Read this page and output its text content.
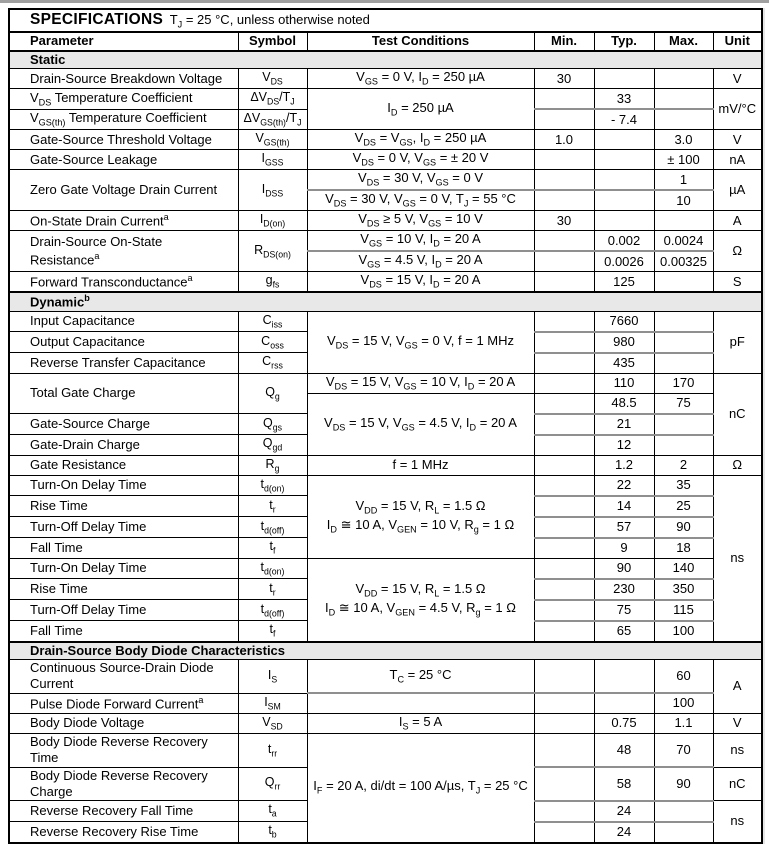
SPECIFICATIONS $T_J = 25$ °C, unless otherwise noted						
Parameter	Symbol	Test Conditions	Min.	Typ.	Max.	Unit
Static						
Drain-Source Breakdown Voltage	$V_{DS}$	$V_{GS} = 0$ V, $I_D = 250$ µA	30			V
$V_{DS}$ Temperature Coefficient	$\Delta V_{DS}/T_J$	$I_D = 250$ µA		33		mV/°C
$V_{GS(th)}$ Temperature Coefficient	$\Delta V_{GS(th)}/T_J$			- 7.4		
Gate-Source Threshold Voltage	$V_{GS(th)}$	$V_{DS} = V_{GS}$, $I_D = 250$ µA	1.0		3.0	V
Gate-Source Leakage	$I_{GSS}$	$V_{DS} = 0$ V, $V_{GS}$ = ± 20 V			± 100	nA
Zero Gate Voltage Drain Current	$I_{DSS}$	$V_{DS} = 30$ V, $V_{GS} = 0$ V			1	µA
		$V_{DS} = 30$ V, $V_{GS} = 0$ V, $T_J = 55$ °C			10	
On-State Drain Current$^a$	$I_{D(on)}$	$V_{DS} \ge 5$ V, $V_{GS} = 10$ V	30			A
Drain-Source On-State Resistance$^a$	$R_{DS(on)}$	$V_{GS} = 10$ V, $I_D = 20$ A		0.002	0.0024	Ω
		$V_{GS} = 4.5$ V, $I_D = 20$ A		0.0026	0.00325	
Forward Transconductance$^a$	$g_{fs}$	$V_{DS} = 15$ V, $I_D = 20$ A		125		S
Dynamic$^b$
Input Capacitance	$C_{iss}$	$V_{DS} = 15$ V, $V_{GS} = 0$ V, f = 1 MHz		7660		pF
Output Capacitance	$C_{oss}$			980		
Reverse Transfer Capacitance	$C_{rss}$			435		
Total Gate Charge	$Q_g$	$V_{DS} = 15$ V, $V_{GS} = 10$ V, $I_D = 20$ A		110	170	nC
		$V_{DS} = 15$ V, $V_{GS} = 4.5$ V, $I_D = 20$ A		48.5	75	
Gate-Source Charge	$Q_{gs}$			21		
Gate-Drain Charge	$Q_{gd}$			12		
Gate Resistance	$R_g$	f = 1 MHz		1.2	2	Ω
Turn-On Delay Time	$t_{d(on)}$	$V_{DD} = 15$ V, $R_L = 1.5$ Ω
$I_D$ ≅ 10 A, $V_{GEN} = 10$ V, $R_g = 1$ Ω		22	35	ns
Rise Time	$t_r$			14	25	
Turn-Off Delay Time	$t_{d(off)}$			57	90	
Fall Time	$t_f$			9	18	
Turn-On Delay Time	$t_{d(on)}$	$V_{DD} = 15$ V, $R_L = 1.5$ Ω
$I_D$ ≅ 10 A, $V_{GEN} = 4.5$ V, $R_g = 1$ Ω		90	140	
Rise Time	$t_r$			230	350	
Turn-Off Delay Time	$t_{d(off)}$			75	115	
Fall Time	$t_f$			65	100	
Drain-Source Body Diode Characteristics						
Continuous Source-Drain Diode Current	$I_S$	$T_C = 25$ °C			60	A
Pulse Diode Forward Current$^a$	$I_{SM}$				100	
Body Diode Voltage	$V_{SD}$	$I_S = 5$ A		0.75	1.1	V
Body Diode Reverse Recovery Time	$t_{rr}$	$I_F = 20$ A, di/dt = 100 A/µs, $T_J = 25$ °C		48	70	ns
Body Diode Reverse Recovery Charge	$Q_{rr}$			58	90	nC
Reverse Recovery Fall Time	$t_a$			24		ns
Reverse Recovery Rise Time	$t_b$			24		
